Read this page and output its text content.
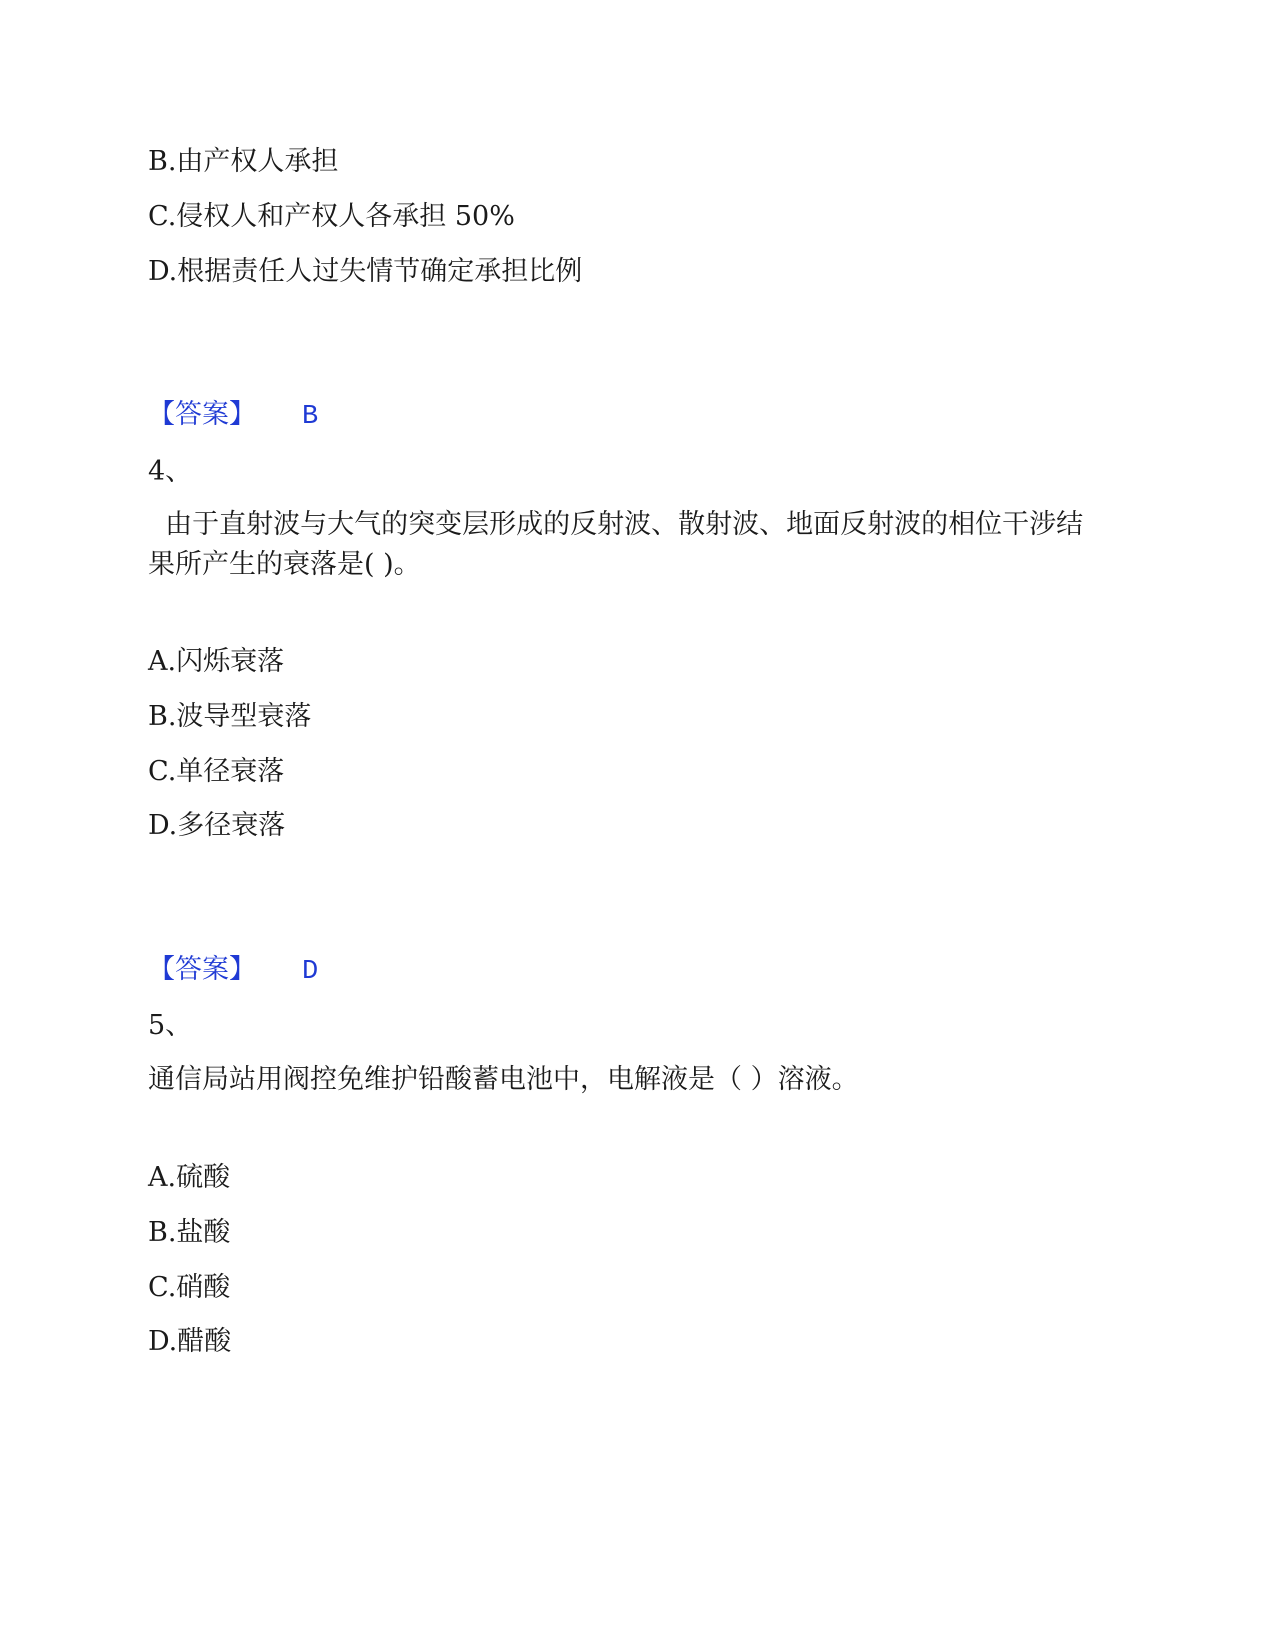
B.由产权人承担
C.侵权人和产权人各承担 50%
D.根据责任人过失情节确定承担比例
【答案】 B
4、
由于直射波与大气的突变层形成的反射波、散射波、地面反射波的相位干涉结果所产生的衰落是( )。
A.闪烁衰落
B.波导型衰落
C.单径衰落
D.多径衰落
【答案】 D
5、
通信局站用阀控免维护铅酸蓄电池中，电解液是（ ）溶液。
A.硫酸
B.盐酸
C.硝酸
D.醋酸
